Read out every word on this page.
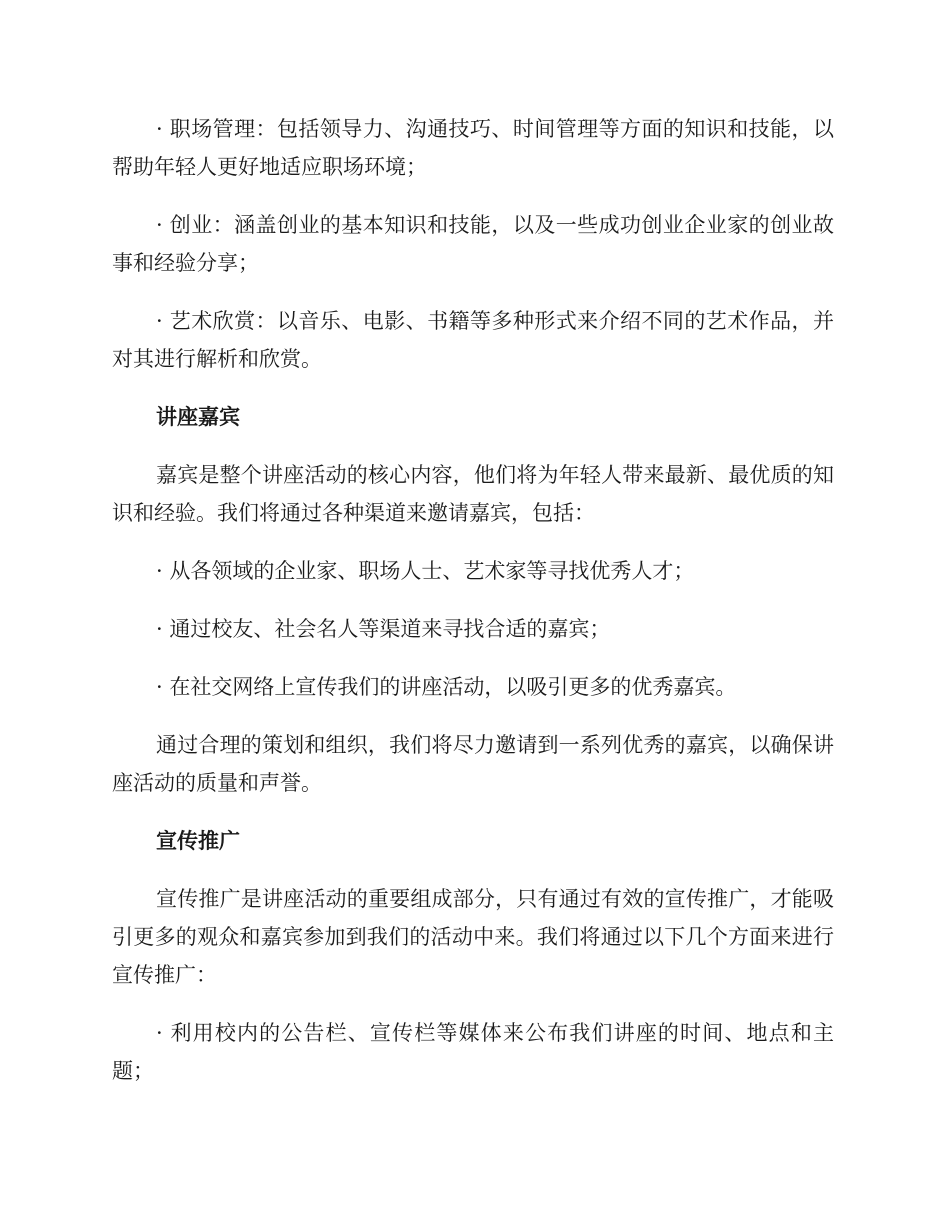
· 职场管理：包括领导力、沟通技巧、时间管理等方面的知识和技能，以帮助年轻人更好地适应职场环境；

· 创业：涵盖创业的基本知识和技能，以及一些成功创业企业家的创业故事和经验分享；

· 艺术欣赏：以音乐、电影、书籍等多种形式来介绍不同的艺术作品，并对其进行解析和欣赏。

讲座嘉宾

嘉宾是整个讲座活动的核心内容，他们将为年轻人带来最新、最优质的知识和经验。我们将通过各种渠道来邀请嘉宾，包括：

· 从各领域的企业家、职场人士、艺术家等寻找优秀人才；

· 通过校友、社会名人等渠道来寻找合适的嘉宾；

· 在社交网络上宣传我们的讲座活动，以吸引更多的优秀嘉宾。

通过合理的策划和组织，我们将尽力邀请到一系列优秀的嘉宾，以确保讲座活动的质量和声誉。

宣传推广

宣传推广是讲座活动的重要组成部分，只有通过有效的宣传推广，才能吸引更多的观众和嘉宾参加到我们的活动中来。我们将通过以下几个方面来进行宣传推广：

· 利用校内的公告栏、宣传栏等媒体来公布我们讲座的时间、地点和主题；
